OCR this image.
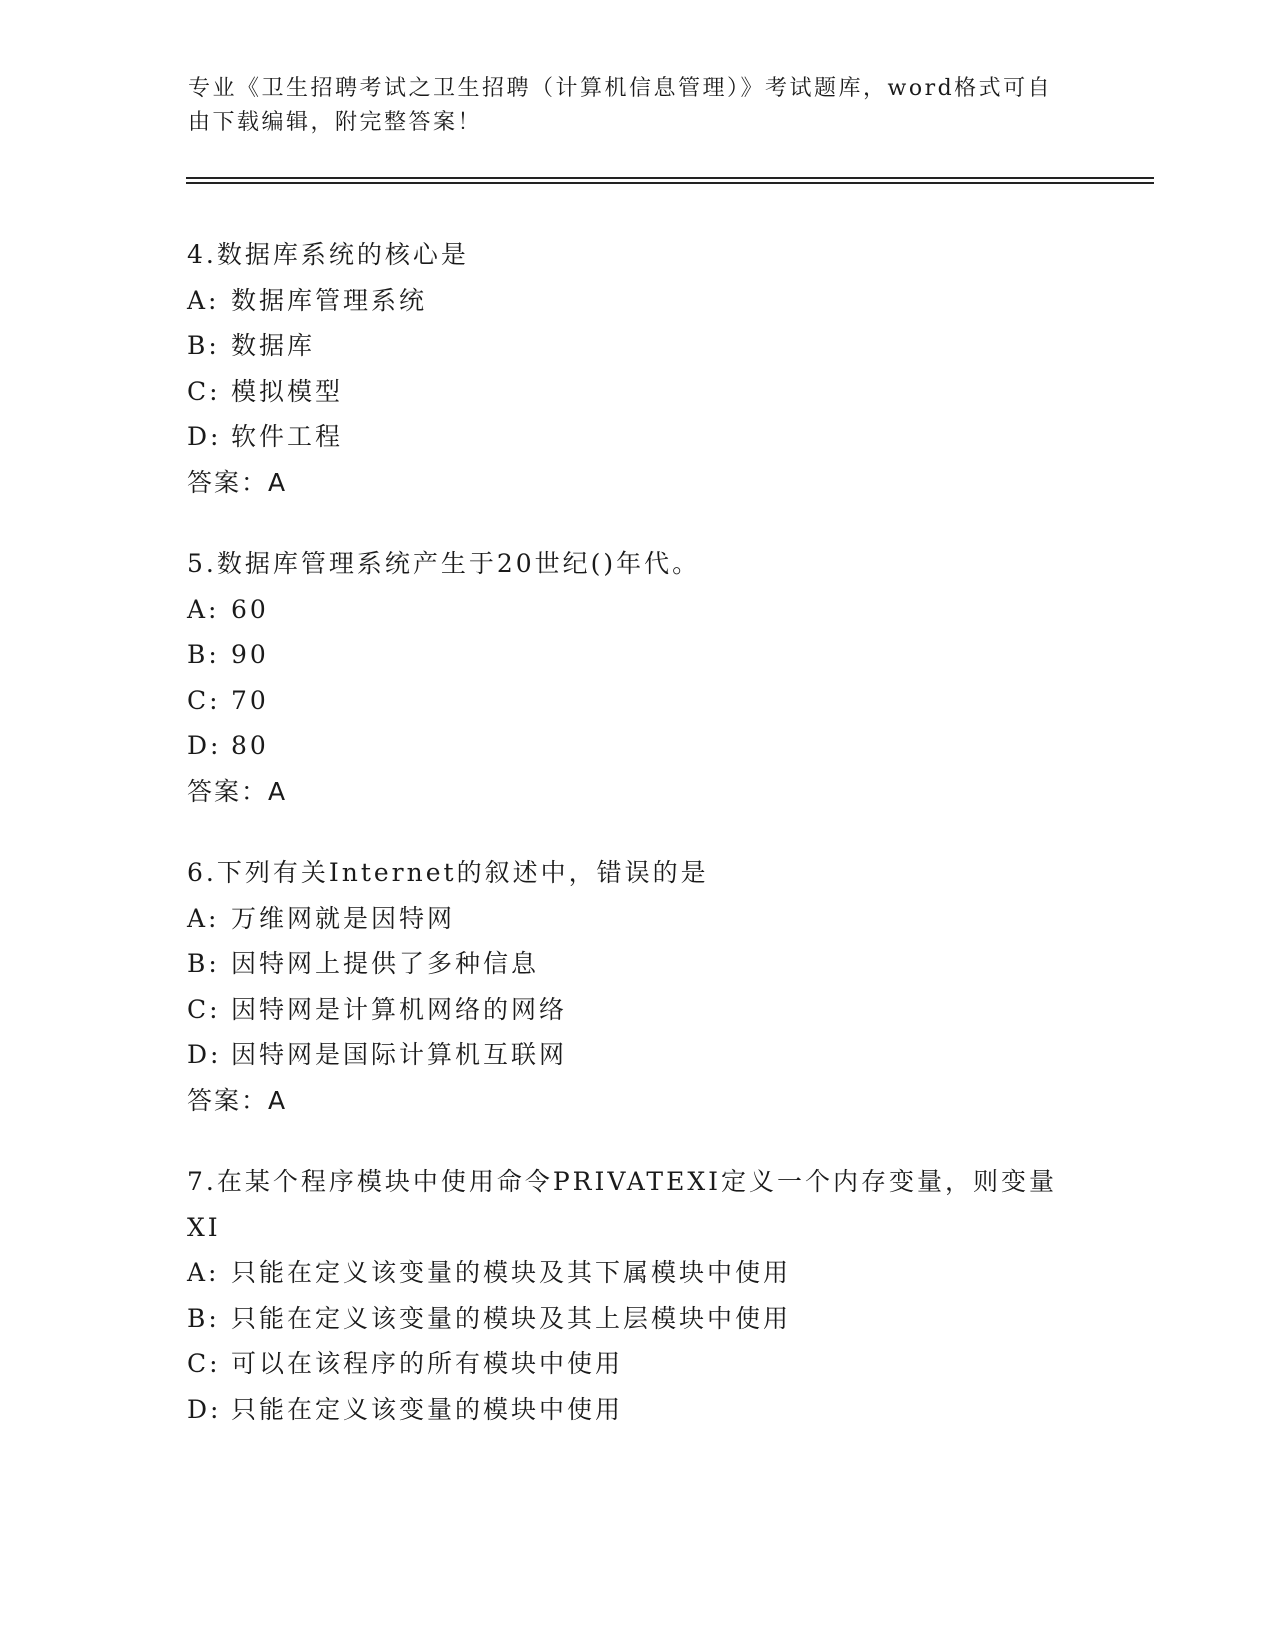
专业《卫生招聘考试之卫生招聘（计算机信息管理）》考试题库，word格式可自由下载编辑，附完整答案！
4.数据库系统的核心是
A: 数据库管理系统
B: 数据库
C: 模拟模型
D: 软件工程
答案：A
5.数据库管理系统产生于20世纪()年代。
A: 60
B: 90
C: 70
D: 80
答案：A
6.下列有关Internet的叙述中，错误的是
A: 万维网就是因特网
B: 因特网上提供了多种信息
C: 因特网是计算机网络的网络
D: 因特网是国际计算机互联网
答案：A
7.在某个程序模块中使用命令PRIVATEXI定义一个内存变量，则变量XI
A: 只能在定义该变量的模块及其下属模块中使用
B: 只能在定义该变量的模块及其上层模块中使用
C: 可以在该程序的所有模块中使用
D: 只能在定义该变量的模块中使用
